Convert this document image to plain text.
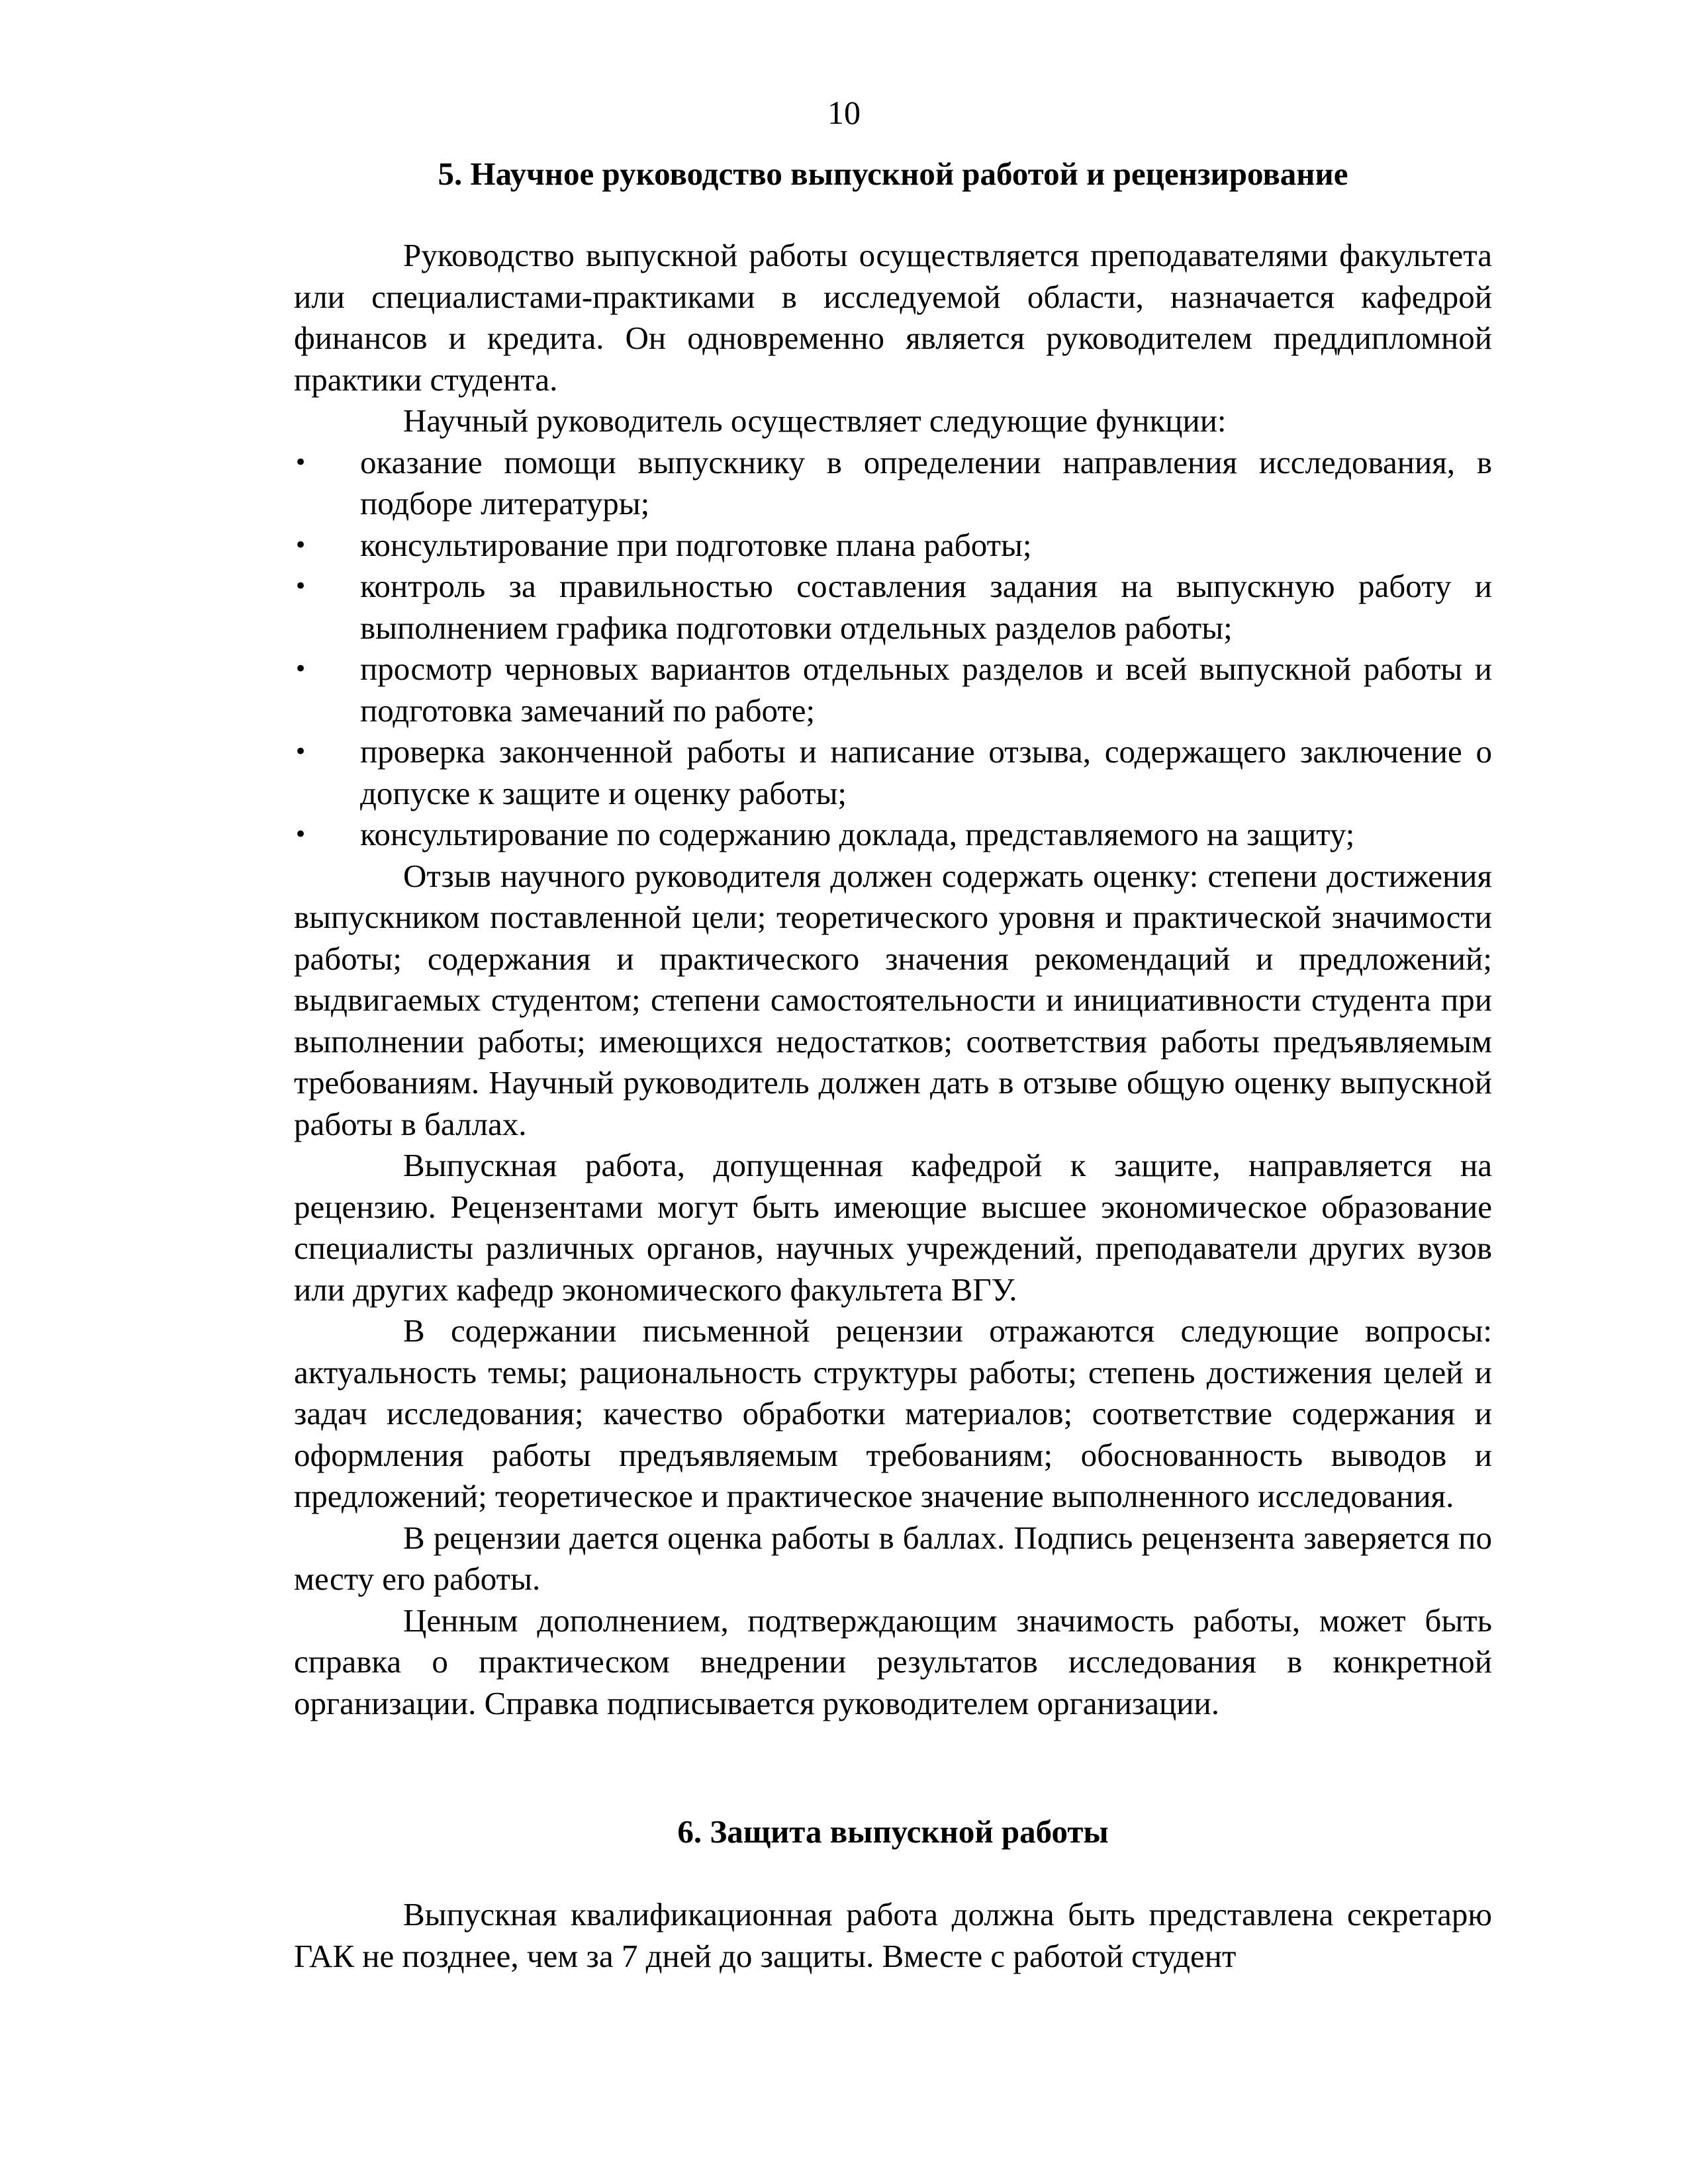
10
5. Научное руководство выпускной работой и рецензирование

Руководство выпускной работы осуществляется преподавателями факультета или специалистами-практиками в исследуемой области, назначается кафедрой финансов и кредита. Он одновременно является руководителем преддипломной практики студента.

Научный руководитель осуществляет следующие функции:

• оказание помощи выпускнику в определении направления исследования, в подборе литературы;
• консультирование при подготовке плана работы;
• контроль за правильностью составления задания на выпускную работу и выполнением графика подготовки отдельных разделов работы;
• просмотр черновых вариантов отдельных разделов и всей выпускной работы и подготовка замечаний по работе;
• проверка законченной работы и написание отзыва, содержащего заключение о допуске к защите и оценку работы;
• консультирование по содержанию доклада, представляемого на защиту;

Отзыв научного руководителя должен содержать оценку: степени достижения выпускником поставленной цели; теоретического уровня и практической значимости работы; содержания и практического значения рекомендаций и предложений; выдвигаемых студентом; степени самостоятельности и инициативности студента при выполнении работы; имеющихся недостатков; соответствия работы предъявляемым требованиям. Научный руководитель должен дать в отзыве общую оценку выпускной работы в баллах.

Выпускная работа, допущенная кафедрой к защите, направляется на рецензию. Рецензентами могут быть имеющие высшее экономическое образование специалисты различных органов, научных учреждений, преподаватели других вузов или других кафедр экономического факультета ВГУ.

В содержании письменной рецензии отражаются следующие вопросы: актуальность темы; рациональность структуры работы; степень достижения целей и задач исследования; качество обработки материалов; соответствие содержания и оформления работы предъявляемым требованиям; обоснованность выводов и предложений; теоретическое и практическое значение выполненного исследования.

В рецензии дается оценка работы в баллах. Подпись рецензента заверяется по месту его работы.

Ценным дополнением, подтверждающим значимость работы, может быть справка о практическом внедрении результатов исследования в конкретной организации. Справка подписывается руководителем организации.

6. Защита выпускной работы

Выпускная квалификационная работа должна быть представлена секретарю ГАК не позднее, чем за 7 дней до защиты. Вместе с работой студент
